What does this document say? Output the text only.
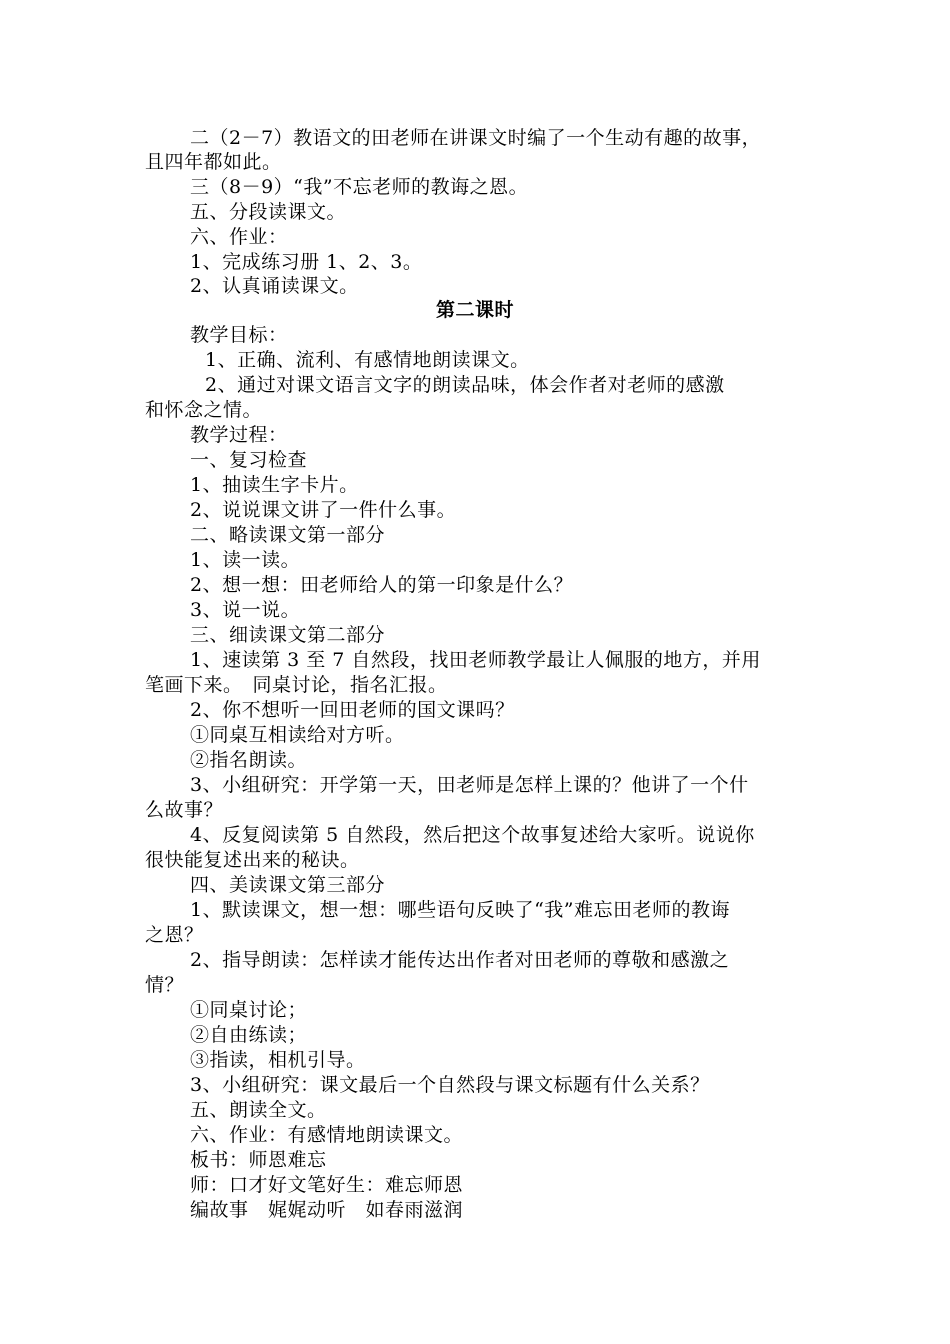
二（2－7）教语文的田老师在讲课文时编了一个生动有趣的故事，
且四年都如此。
三（8－9）“我”不忘老师的教诲之恩。
五、分段读课文。
六、作业：
1、完成练习册 1、2、3。
2、认真诵读课文。
第二课时
教学目标：
1、正确、流利、有感情地朗读课文。
2、通过对课文语言文字的朗读品味，体会作者对老师的感激
和怀念之情。
教学过程：
一、复习检查
1、抽读生字卡片。
2、说说课文讲了一件什么事。
二、略读课文第一部分
1、读一读。
2、想一想：田老师给人的第一印象是什么？
3、说一说。
三、细读课文第二部分
1、速读第 3 至 7 自然段，找田老师教学最让人佩服的地方，并用
笔画下来。　同桌讨论，指名汇报。
2、你不想听一回田老师的国文课吗？
①同桌互相读给对方听。
②指名朗读。
3、小组研究：开学第一天，田老师是怎样上课的？他讲了一个什
么故事？
4、反复阅读第 5 自然段，然后把这个故事复述给大家听。说说你
很快能复述出来的秘诀。
四、美读课文第三部分
1、默读课文，想一想：哪些语句反映了“我”难忘田老师的教诲
之恩？
2、指导朗读：怎样读才能传达出作者对田老师的尊敬和感激之
情？
①同桌讨论；
②自由练读；
③指读，相机引导。
3、小组研究：课文最后一个自然段与课文标题有什么关系？
五、朗读全文。
六、作业：有感情地朗读课文。
板书：师恩难忘
师：口才好文笔好生：难忘师恩
编故事　娓娓动听　如春雨滋润
